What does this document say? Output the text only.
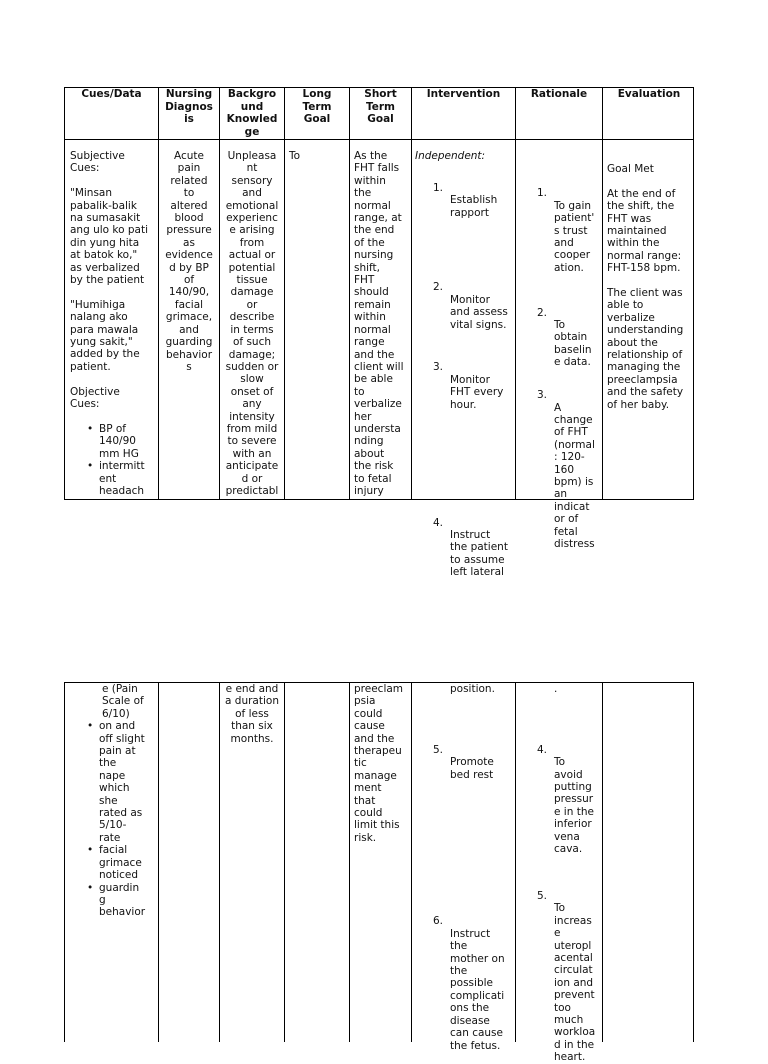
Cues/Data

Subjective
Cues:

"Minsan
pabalik-balik
na sumasakit
ang ulo ko pati
din yung hita
at batok ko,"
as verbalized
by the patient

"Humihiga
nalang ako
para mawala
yung sakit,"
added by the
patient.

Objective
Cues:

• BP of
140/90
mm HG
• intermitt
ent
headach
Nursing
Diagnos
is

Acute
pain
related
to
altered
blood
pressure
as
evidence
d by BP
of
140/90,
facial
grimace,
and
guarding
behavior
s

Backgro
und
Knowled
ge

Unpleasa
nt
sensory
and
emotional
experienc
e arising
from
actual or
potential
tissue
damage
or
describe
in terms
of such
damage;
sudden or
slow
onset of
any
intensity
from mild
to severe
with an
anticipate
d or
predictabl

Long
Term
Goal

To

Short
Term
Goal

As the
FHT falls
within
the
normal
range, at
the end
of the
nursing
shift,
FHT
should
remain
within
normal
range
and the
client will
be able
to
verbalize
her
understa
nding
about
the risk
to fetal
injury

Intervention

Independent:

1.

Establish
rapport

2.

Monitor
and assess
vital signs.

3.

Monitor
FHT every
hour.

4.

Instruct
the patient
to assume
left lateral

Rationale

1.

To gain
patient'
s trust
and
cooper
ation.

2.

To
obtain
baselin
e data.

3.

A
change
of FHT
(normal
: 120-
160
bpm) is
an
indicat
or of
fetal
distress

Evaluation

Goal Met

At the end of
the shift, the
FHT was
maintained
within the
normal range:
FHT-158 bpm.

The client was
able to
verbalize
understanding
about the
relationship of
managing the
preeclampsia
and the safety
of her baby.

e (Pain
Scale of
6/10)

• on and
off slight
pain at
the
nape
which
she
rated as
5/10-
rate
• facial
grimace
noticed
• guardin
g
behavior

e end and
a duration
of less
than six
months.

preeclam
psia
could
cause
and the
therapeu
tic
manage
ment
that
could
limit this
risk.

position.

5.

Promote
bed rest

6.

Instruct
the
mother on
the
possible
complicati
ons the
disease
can cause
the fetus.

.

4.

To
avoid
putting
pressur
e in the
inferior
vena
cava.

5.

To
increas
e
uteropl
acental
circulat
ion and
prevent
too
much
workloa
d in the
heart.
